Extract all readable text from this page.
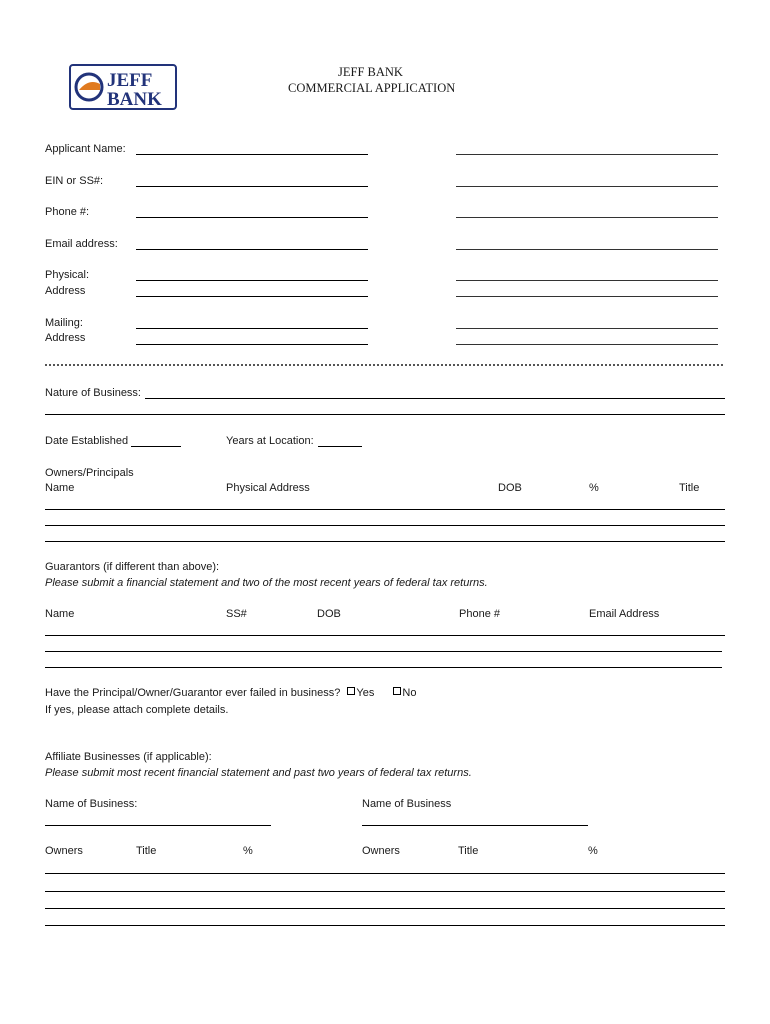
JEFF
BANK
JEFF BANK
COMMERCIAL APPLICATION
Applicant Name:
EIN or SS#:
Phone #:
Email address:
Physical:
Address
Mailing:
Address
Nature of Business:
Date Established	Years at Location:
Owners/Principals
Name	Physical Address	DOB	%	Title
Guarantors (if different than above):
Please submit a financial statement and two of the most recent years of federal tax returns.
Name	SS#	DOB	Phone #	Email Address
Have the Principal/Owner/Guarantor ever failed in business? Yes	No
If yes, please attach complete details.
Affiliate Businesses (if applicable):
Please submit most recent financial statement and past two years of federal tax returns.
Name of Business:	Name of Business
Owners	Title	%	Owners	Title	%
